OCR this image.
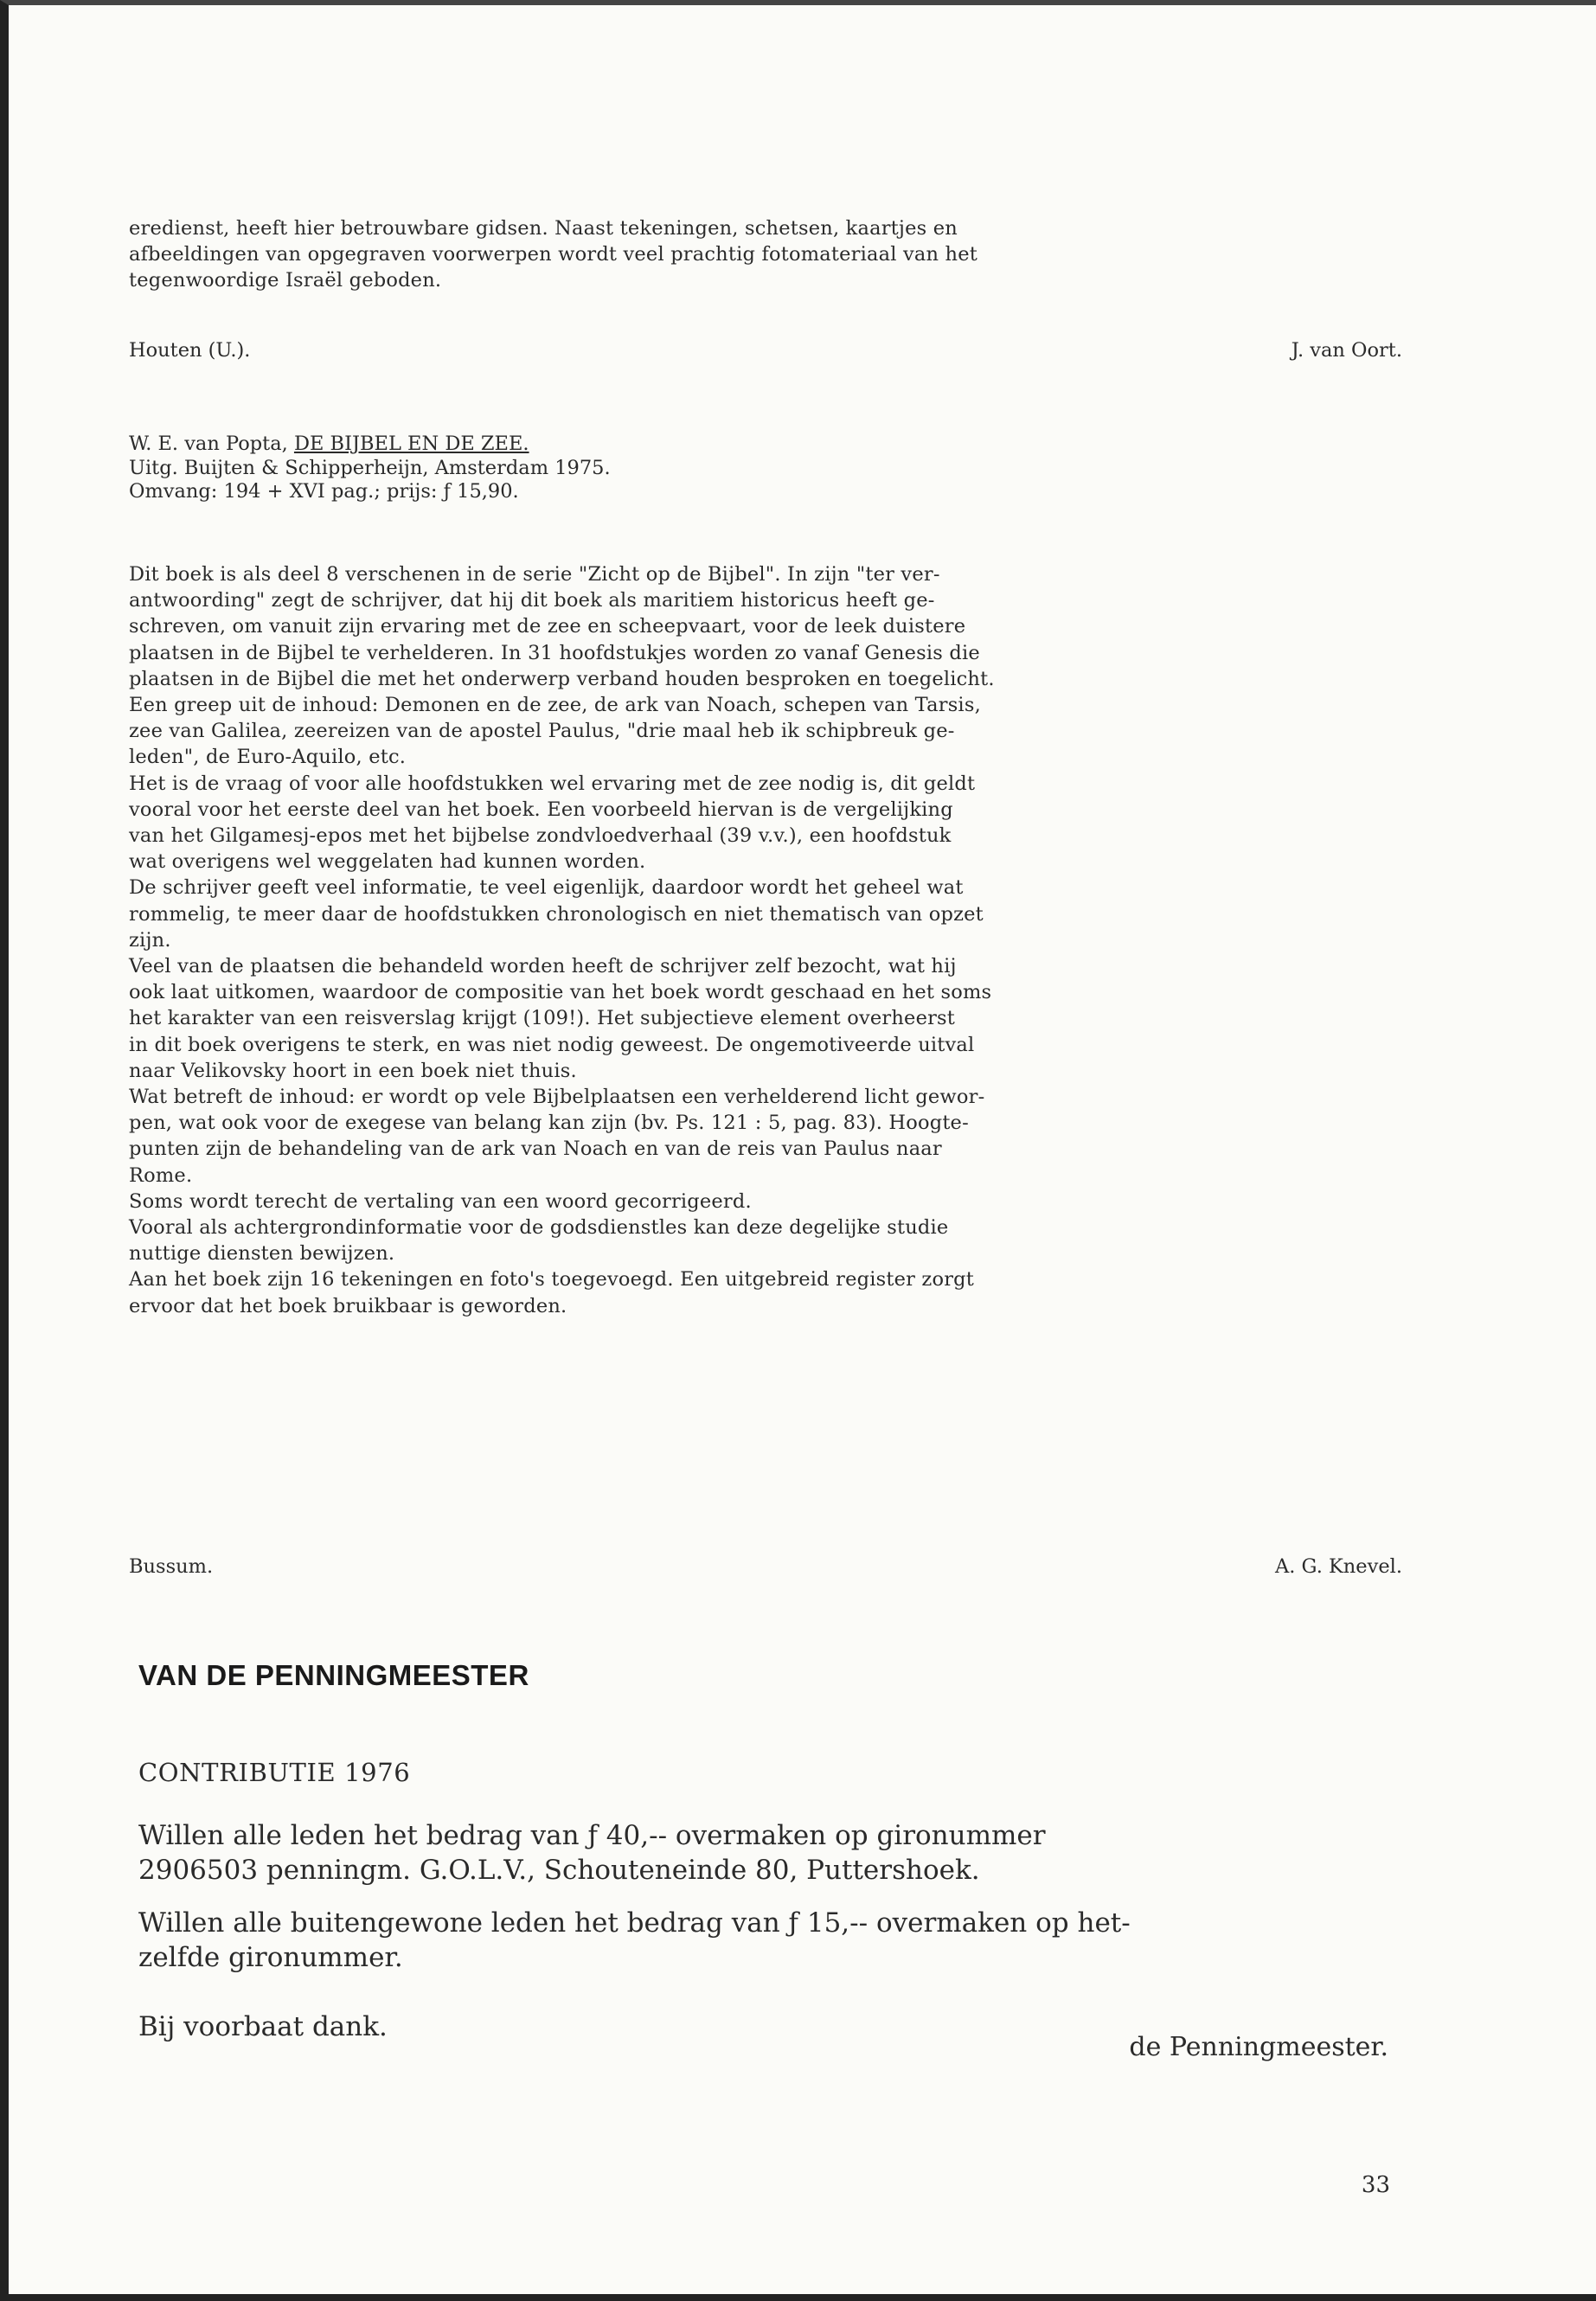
eredienst, heeft hier betrouwbare gidsen. Naast tekeningen, schetsen, kaartjes en
afbeeldingen van opgegraven voorwerpen wordt veel prachtig fotomateriaal van het
tegenwoordige Israël geboden.
Houten (U.).	J. van Oort.
W. E. van Popta, DE BIJBEL EN DE ZEE.
Uitg. Buijten & Schipperheijn, Amsterdam 1975.
Omvang: 194 + XVI pag.; prijs: ƒ 15,90.
Dit boek is als deel 8 verschenen in de serie "Zicht op de Bijbel". In zijn "ter ver-
antwoording" zegt de schrijver, dat hij dit boek als maritiem historicus heeft ge-
schreven, om vanuit zijn ervaring met de zee en scheepvaart, voor de leek duistere
plaatsen in de Bijbel te verhelderen. In 31 hoofdstukjes worden zo vanaf Genesis die
plaatsen in de Bijbel die met het onderwerp verband houden besproken en toegelicht.
Een greep uit de inhoud: Demonen en de zee, de ark van Noach, schepen van Tarsis,
zee van Galilea, zeereizen van de apostel Paulus, "drie maal heb ik schipbreuk ge-
leden", de Euro-Aquilo, etc.
Het is de vraag of voor alle hoofdstukken wel ervaring met de zee nodig is, dit geldt
vooral voor het eerste deel van het boek. Een voorbeeld hiervan is de vergelijking
van het Gilgamesj-epos met het bijbelse zondvloedverhaal (39 v.v.), een hoofdstuk
wat overigens wel weggelaten had kunnen worden.
De schrijver geeft veel informatie, te veel eigenlijk, daardoor wordt het geheel wat
rommelig, te meer daar de hoofdstukken chronologisch en niet thematisch van opzet
zijn.
Veel van de plaatsen die behandeld worden heeft de schrijver zelf bezocht, wat hij
ook laat uitkomen, waardoor de compositie van het boek wordt geschaad en het soms
het karakter van een reisverslag krijgt (109!). Het subjectieve element overheerst
in dit boek overigens te sterk, en was niet nodig geweest. De ongemotiveerde uitval
naar Velikovsky hoort in een boek niet thuis.
Wat betreft de inhoud: er wordt op vele Bijbelplaatsen een verhelderend licht gewor-
pen, wat ook voor de exegese van belang kan zijn (bv. Ps. 121 : 5, pag. 83). Hoogte-
punten zijn de behandeling van de ark van Noach en van de reis van Paulus naar
Rome.
Soms wordt terecht de vertaling van een woord gecorrigeerd.
Vooral als achtergrondinformatie voor de godsdienstles kan deze degelijke studie
nuttige diensten bewijzen.
Aan het boek zijn 16 tekeningen en foto's toegevoegd. Een uitgebreid register zorgt
ervoor dat het boek bruikbaar is geworden.
Bussum.	A. G. Knevel.
VAN DE PENNINGMEESTER
CONTRIBUTIE 1976
Willen alle leden het bedrag van ƒ 40,-- overmaken op gironummer
2906503 penningm. G.O.L.V., Schouteneinde 80, Puttershoek.
Willen alle buitengewone leden het bedrag van ƒ 15,-- overmaken op het-
zelfde gironummer.
Bij voorbaat dank.
de Penningmeester.
33
